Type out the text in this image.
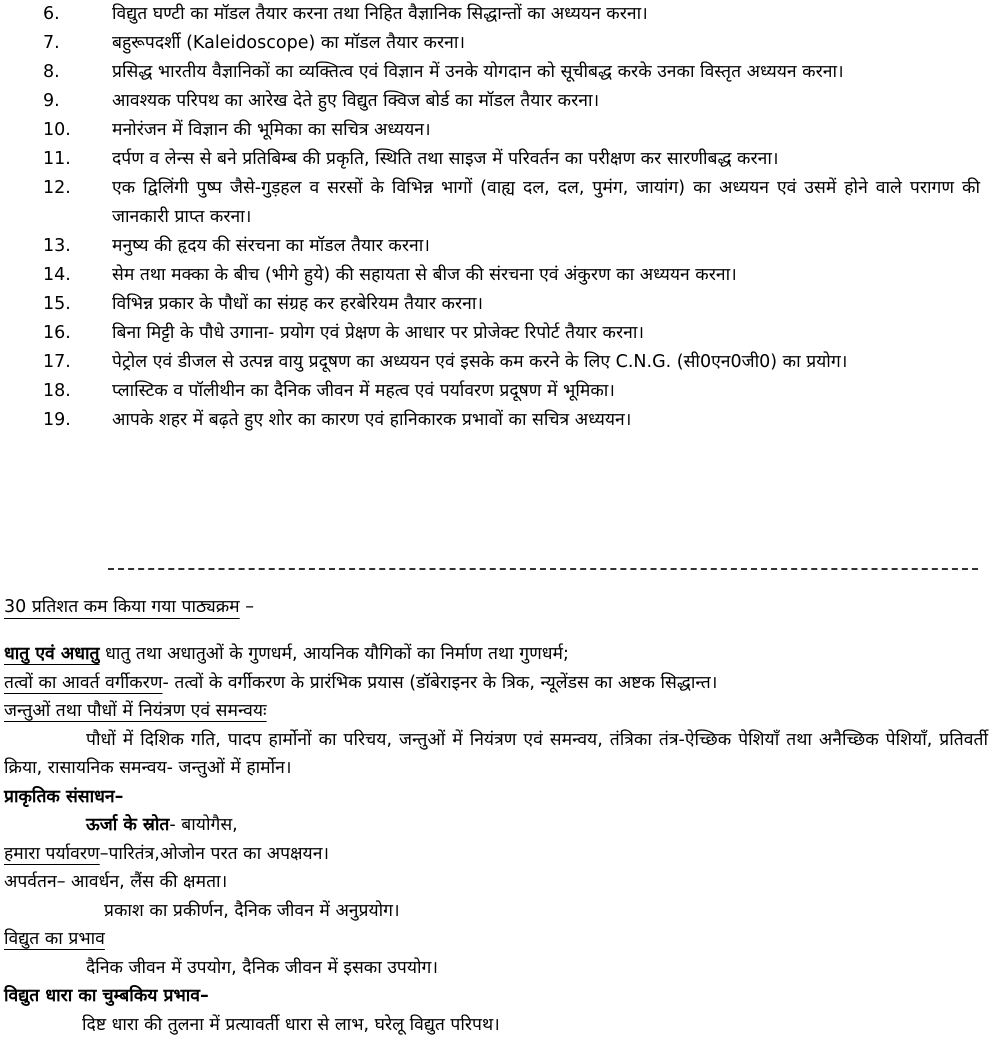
6.	विद्युत घण्टी का मॉडल तैयार करना तथा निहित वैज्ञानिक सिद्धान्तों का अध्ययन करना।
7.	बहुरूपदर्शी (Kaleidoscope) का मॉडल तैयार करना।
8.	प्रसिद्ध भारतीय वैज्ञानिकों का व्यक्तित्व एवं विज्ञान में उनके योगदान को सूचीबद्ध करके उनका विस्तृत अध्ययन करना।
9.	आवश्यक परिपथ का आरेख देते हुए विद्युत क्विज बोर्ड का मॉडल तैयार करना।
10.	मनोरंजन में विज्ञान की भूमिका का सचित्र अध्ययन।
11.	दर्पण व लेन्स से बने प्रतिबिम्ब की प्रकृति, स्थिति तथा साइज में परिवर्तन का परीक्षण कर सारणीबद्ध करना।
12.	एक द्विलिंगी पुष्प जैसे-गुड़हल व सरसों के विभिन्न भागों (वाह्य दल, दल, पुमंग, जायांग) का अध्ययन एवं उसमें होने वाले परागण की जानकारी प्राप्त करना।
13.	मनुष्य की हृदय की संरचना का मॉडल तैयार करना।
14.	सेम तथा मक्का के बीच (भीगे हुये) की सहायता से बीज की संरचना एवं अंकुरण का अध्ययन करना।
15.	विभिन्न प्रकार के पौधों का संग्रह कर हरबेरियम तैयार करना।
16.	बिना मिट्टी के पौधे उगाना- प्रयोग एवं प्रेक्षण के आधार पर प्रोजेक्ट रिपोर्ट तैयार करना।
17.	पेट्रोल एवं डीजल से उत्पन्न वायु प्रदूषण का अध्ययन एवं इसके कम करने के लिए C.N.G. (सी0एन0जी0) का प्रयोग।
18.	प्लास्टिक व पॉलीथीन का दैनिक जीवन में महत्व एवं पर्यावरण प्रदूषण में भूमिका।
19.	आपके शहर में बढ़ते हुए शोर का कारण एवं हानिकारक प्रभावों का सचित्र अध्ययन।
30 प्रतिशत कम किया गया पाठ्यक्रम –
धातु एवं अधातु धातु तथा अधातुओं के गुणधर्म, आयनिक यौगिकों का निर्माण तथा गुणधर्म;
तत्वों का आवर्त वर्गीकरण- तत्वों के वर्गीकरण के प्रारंभिक प्रयास (डॉबेराइनर के त्रिक, न्यूलेंडस का अष्टक सिद्धान्त।
जन्तुओं तथा पौधों में नियंत्रण एवं समन्वयः
पौधों में दिशिक गति, पादप हार्मोनों का परिचय, जन्तुओं में नियंत्रण एवं समन्वय, तंत्रिका तंत्र-ऐच्छिक पेशियाँ तथा अनैच्छिक पेशियाँ, प्रतिवर्ती क्रिया, रासायनिक समन्वय- जन्तुओं में हार्मोन।
प्राकृतिक संसाधन–
ऊर्जा के स्रोत- बायोगैस,
हमारा पर्यावरण–पारितंत्र,ओजोन परत का अपक्षयन।
अपर्वतन– आवर्धन, लैंस की क्षमता।
प्रकाश का प्रकीर्णन, दैनिक जीवन में अनुप्रयोग।
विद्युत का प्रभाव
दैनिक जीवन में उपयोग, दैनिक जीवन में इसका उपयोग।
विद्युत धारा का चुम्बकिय प्रभाव–
दिष्ट धारा की तुलना में प्रत्यावर्ती धारा से लाभ, घरेलू विद्युत परिपथ।
